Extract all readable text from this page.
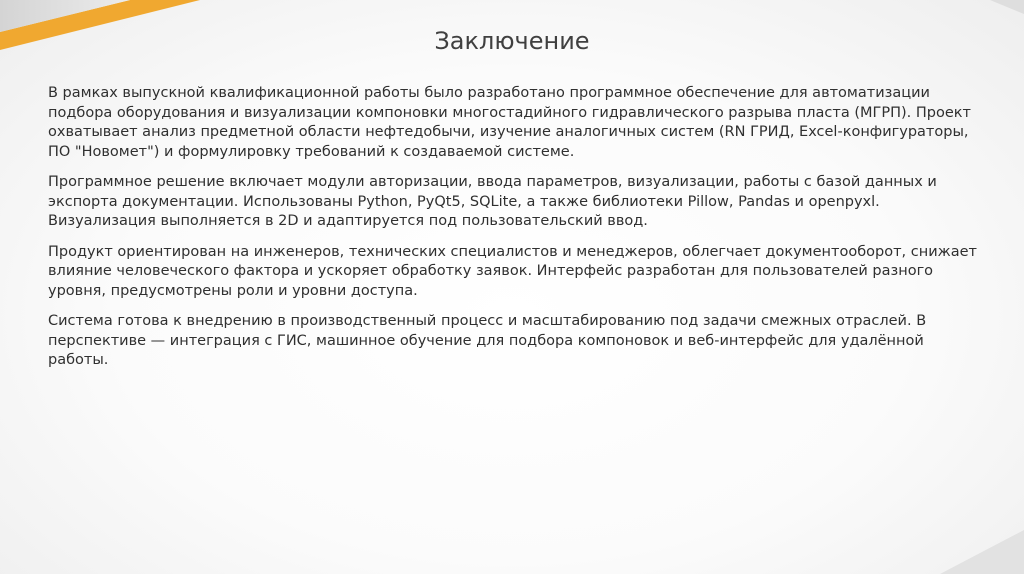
Заключение

В рамках выпускной квалификационной работы было разработано программное обеспечение для автоматизации подбора оборудования и визуализации компоновки многостадийного гидравлического разрыва пласта (МГРП). Проект охватывает анализ предметной области нефтедобычи, изучение аналогичных систем (RN ГРИД, Excel-конфигураторы, ПО "Новомет") и формулировку требований к создаваемой системе.

Программное решение включает модули авторизации, ввода параметров, визуализации, работы с базой данных и экспорта документации. Использованы Python, PyQt5, SQLite, а также библиотеки Pillow, Pandas и openpyxl. Визуализация выполняется в 2D и адаптируется под пользовательский ввод.

Продукт ориентирован на инженеров, технических специалистов и менеджеров, облегчает документооборот, снижает влияние человеческого фактора и ускоряет обработку заявок. Интерфейс разработан для пользователей разного уровня, предусмотрены роли и уровни доступа.

Система готова к внедрению в производственный процесс и масштабированию под задачи смежных отраслей. В перспективе — интеграция с ГИС, машинное обучение для подбора компоновок и веб-интерфейс для удалённой работы.
